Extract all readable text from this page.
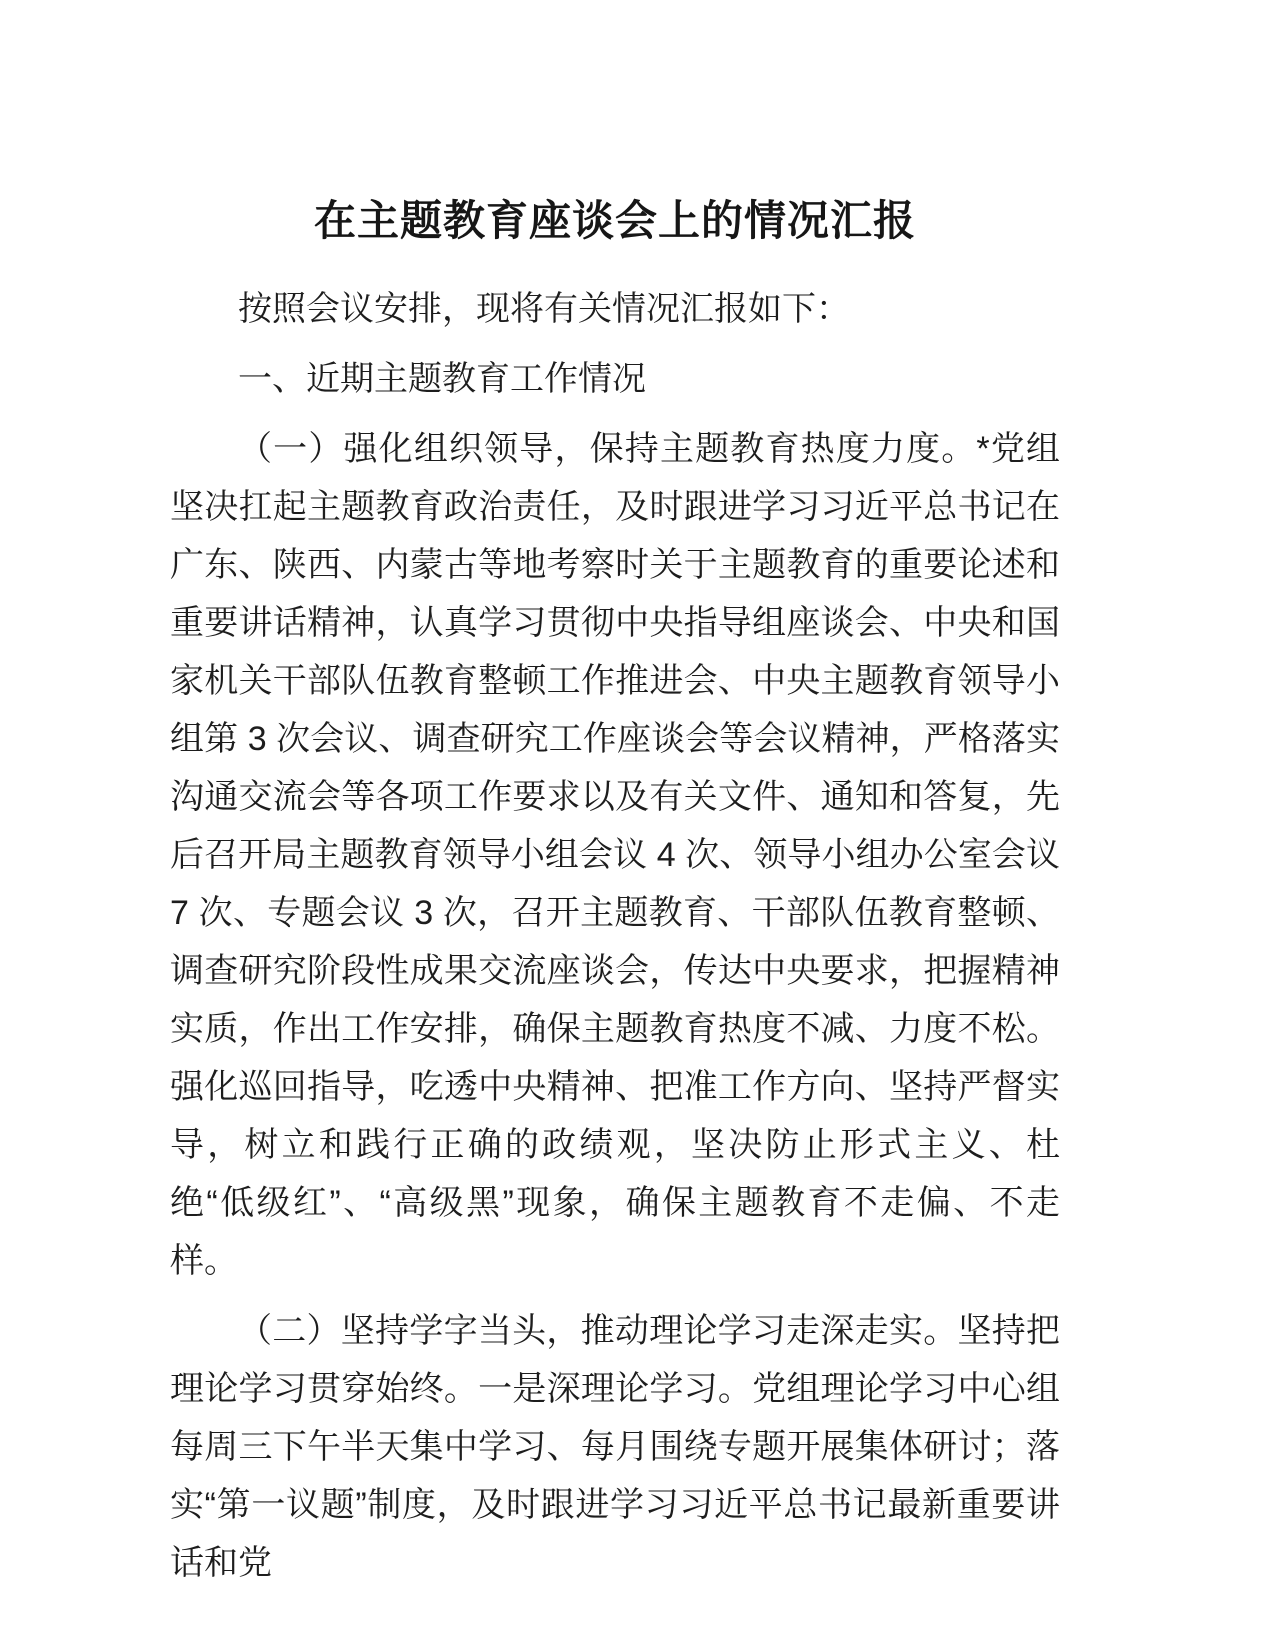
在主题教育座谈会上的情况汇报

按照会议安排，现将有关情况汇报如下：

一、近期主题教育工作情况

（一）强化组织领导，保持主题教育热度力度。*党组坚决扛起主题教育政治责任，及时跟进学习习近平总书记在广东、陕西、内蒙古等地考察时关于主题教育的重要论述和重要讲话精神，认真学习贯彻中央指导组座谈会、中央和国家机关干部队伍教育整顿工作推进会、中央主题教育领导小组第 3 次会议、调查研究工作座谈会等会议精神，严格落实沟通交流会等各项工作要求以及有关文件、通知和答复，先后召开局主题教育领导小组会议 4 次、领导小组办公室会议 7 次、专题会议 3 次，召开主题教育、干部队伍教育整顿、调查研究阶段性成果交流座谈会，传达中央要求，把握精神实质，作出工作安排，确保主题教育热度不减、力度不松。强化巡回指导，吃透中央精神、把准工作方向、坚持严督实导，树立和践行正确的政绩观，坚决防止形式主义、杜绝“低级红”、“高级黑”现象，确保主题教育不走偏、不走样。

（二）坚持学字当头，推动理论学习走深走实。坚持把理论学习贯穿始终。一是深理论学习。党组理论学习中心组每周三下午半天集中学习、每月围绕专题开展集体研讨；落实“第一议题”制度，及时跟进学习习近平总书记最新重要讲话和党
